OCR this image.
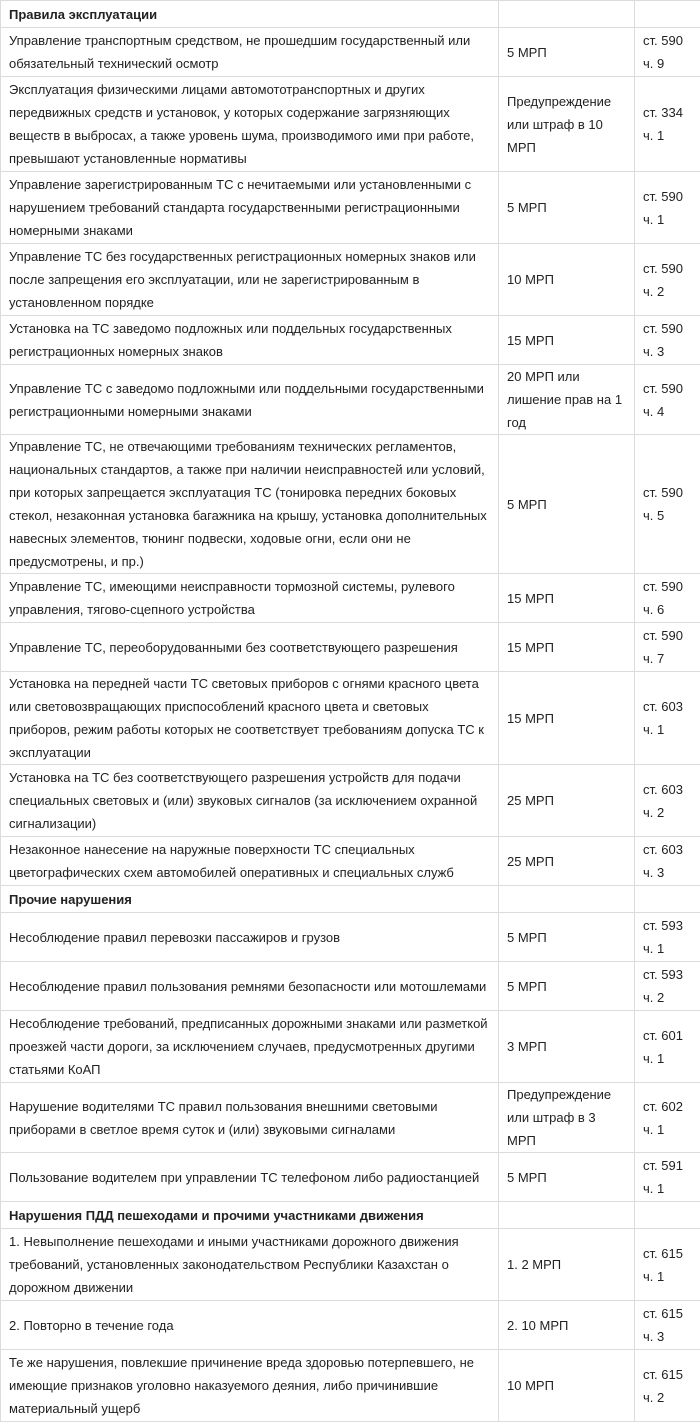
Правила эксплуатации		
Управление транспортным средством, не прошедшим государственный или обязательный технический осмотр	5 МРП	ст. 590 ч. 9
Эксплуатация физическими лицами автомототранспортных и других передвижных средств и установок, у которых содержание загрязняющих веществ в выбросах, а также уровень шума, производимого ими при работе, превышают установленные нормативы	Предупреждение или штраф в 10 МРП	ст. 334 ч. 1
Управление зарегистрированным ТС с нечитаемыми или установленными с нарушением требований стандарта государственными регистрационными номерными знаками	5 МРП	ст. 590 ч. 1
Управление ТС без государственных регистрационных номерных знаков или после запрещения его эксплуатации, или не зарегистрированным в установленном порядке	10 МРП	ст. 590 ч. 2
Установка на ТС заведомо подложных или поддельных государственных регистрационных номерных знаков	15 МРП	ст. 590 ч. 3
Управление ТС с заведомо подложными или поддельными государственными регистрационными номерными знаками	20 МРП или лишение прав на 1 год	ст. 590 ч. 4
Управление ТС, не отвечающими требованиям технических регламентов, национальных стандартов, а также при наличии неисправностей или условий, при которых запрещается эксплуатация ТС (тонировка передних боковых стекол, незаконная установка багажника на крышу, установка дополнительных навесных элементов, тюнинг подвески, ходовые огни, если они не предусмотрены, и пр.)	5 МРП	ст. 590 ч. 5
Управление ТС, имеющими неисправности тормозной системы, рулевого управления, тягово-сцепного устройства	15 МРП	ст. 590 ч. 6
Управление ТС, переоборудованными без соответствующего разрешения	15 МРП	ст. 590 ч. 7
Установка на передней части ТС световых приборов с огнями красного цвета или световозвращающих приспособлений красного цвета и световых приборов, режим работы которых не соответствует требованиям допуска ТС к эксплуатации	15 МРП	ст. 603 ч. 1
Установка на ТС без соответствующего разрешения устройств для подачи специальных световых и (или) звуковых сигналов (за исключением охранной сигнализации)	25 МРП	ст. 603 ч. 2
Незаконное нанесение на наружные поверхности ТС специальных цветографических схем автомобилей оперативных и специальных служб	25 МРП	ст. 603 ч. 3
Прочие нарушения		
Несоблюдение правил перевозки пассажиров и грузов	5 МРП	ст. 593 ч. 1
Несоблюдение правил пользования ремнями безопасности или мотошлемами	5 МРП	ст. 593 ч. 2
Несоблюдение требований, предписанных дорожными знаками или разметкой проезжей части дороги, за исключением случаев, предусмотренных другими статьями КоАП	3 МРП	ст. 601 ч. 1
Нарушение водителями ТС правил пользования внешними световыми приборами в светлое время суток и (или) звуковыми сигналами	Предупреждение или штраф в 3 МРП	ст. 602 ч. 1
Пользование водителем при управлении ТС телефоном либо радиостанцией	5 МРП	ст. 591 ч. 1
Нарушения ПДД пешеходами и прочими участниками движения		
1. Невыполнение пешеходами и иными участниками дорожного движения требований, установленных законодательством Республики Казахстан о дорожном движении	1. 2 МРП	ст. 615 ч. 1
2. Повторно в течение года	2. 10 МРП	ст. 615 ч. 3
Те же нарушения, повлекшие причинение вреда здоровью потерпевшего, не имеющие признаков уголовно наказуемого деяния, либо причинившие материальный ущерб	10 МРП	ст. 615 ч. 2
